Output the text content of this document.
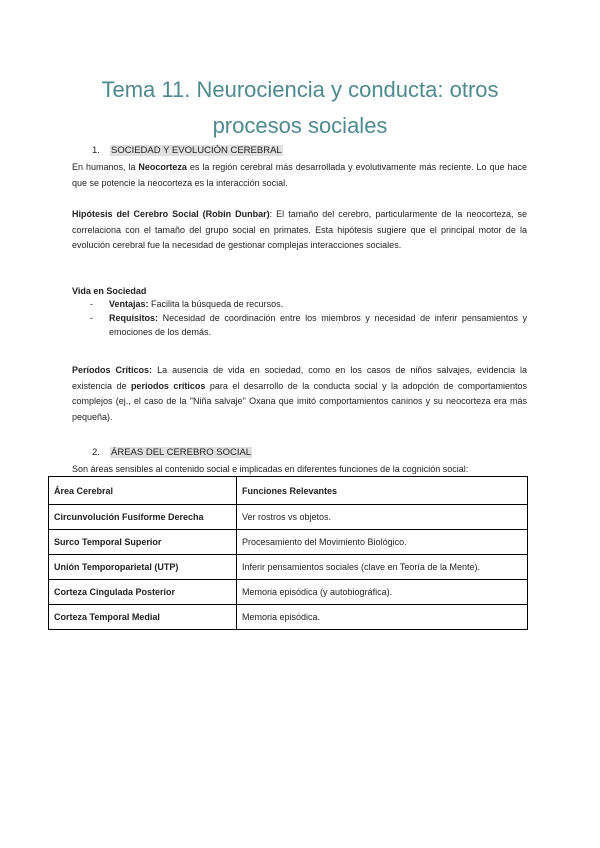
Tema 11. Neurociencia y conducta: otros procesos sociales
1. SOCIEDAD Y EVOLUCIÓN CEREBRAL

En humanos, la Neocorteza es la región cerebral más desarrollada y evolutivamente más reciente. Lo que hace que se potencie la neocorteza es la interacción social.

Hipótesis del Cerebro Social (Robin Dunbar): El tamaño del cerebro, particularmente de la neocorteza, se correlaciona con el tamaño del grupo social en primates. Esta hipótesis sugiere que el principal motor de la evolución cerebral fue la necesidad de gestionar complejas interacciones sociales.

Vida en Sociedad

- Ventajas: Facilita la búsqueda de recursos.
- Requisitos: Necesidad de coordinación entre los miembros y necesidad de inferir pensamientos y emociones de los demás.

Períodos Críticos: La ausencia de vida en sociedad, como en los casos de niños salvajes, evidencia la existencia de períodos críticos para el desarrollo de la conducta social y la adopción de comportamientos complejos (ej., el caso de la "Niña salvaje" Oxana que imitó comportamientos caninos y su neocorteza era más pequeña).

2. ÁREAS DEL CEREBRO SOCIAL

Son áreas sensibles al contenido social e implicadas en diferentes funciones de la cognición social:

Área Cerebral	Funciones Relevantes
Circunvolución Fusiforme Derecha	Ver rostros vs objetos.
Surco Temporal Superior	Procesamiento del Movimiento Biológico.
Unión Temporoparietal (UTP)	Inferir pensamientos sociales (clave en Teoría de la Mente).
Corteza Cingulada Posterior	Memoria episódica (y autobiográfica).
Corteza Temporal Medial	Memoria episódica.
